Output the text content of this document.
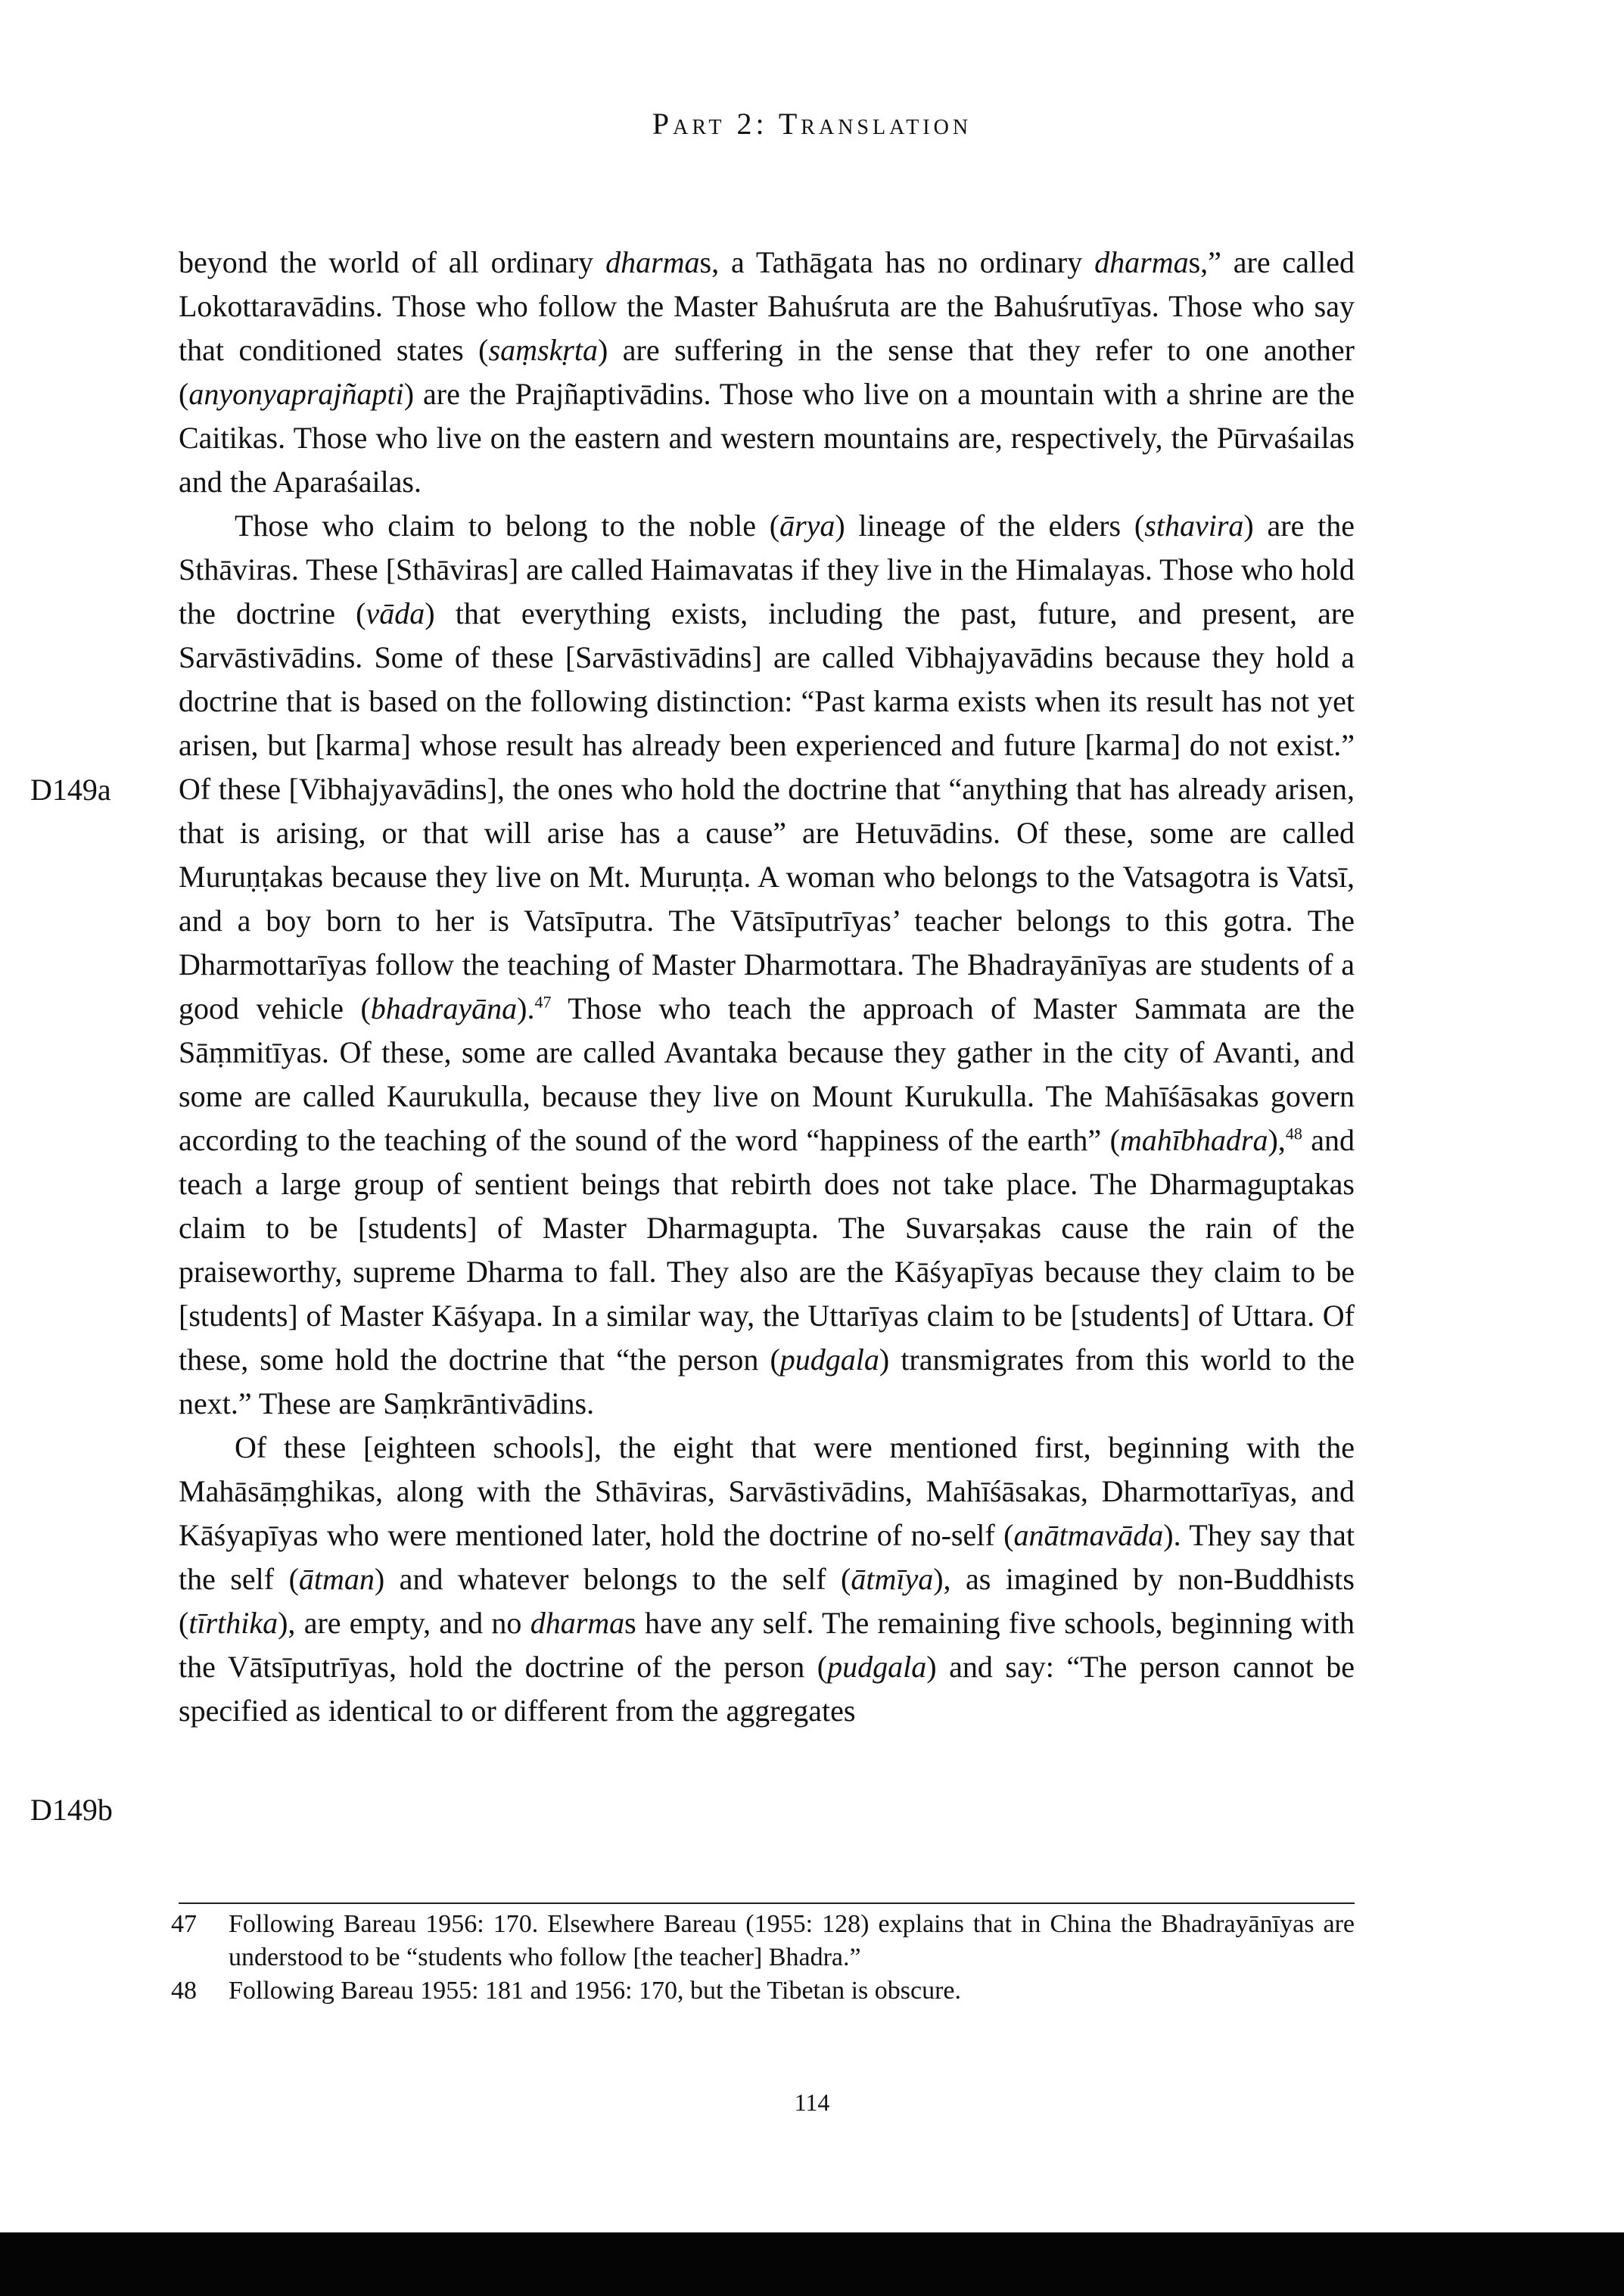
Part 2: Translation

beyond the world of all ordinary dharmas, a Tathāgata has no ordinary dharmas,” are called Lokottaravādins. Those who follow the Master Bahuśruta are the Bahuśrutīyas. Those who say that conditioned states (saṃskṛta) are suffering in the sense that they refer to one another (anyonyaprajñapti) are the Prajñaptivādins. Those who live on a mountain with a shrine are the Caitikas. Those who live on the eastern and western mountains are, respectively, the Pūrvaśailas and the Aparaśailas.

Those who claim to belong to the noble (ārya) lineage of the elders (sthavira) are the Sthāviras. These [Sthāviras] are called Haimavatas if they live in the Himalayas. Those who hold the doctrine (vāda) that everything exists, including the past, future, and present, are Sarvāstivādins. Some of these [Sarvāstivādins] are called Vibhajyavādins because they hold a doctrine that is based on the following distinction: “Past karma exists when its result has not yet arisen, but [karma] whose result has already been experienced and future [karma] do not exist.” Of these [Vibhajyavādins], the ones who hold the doctrine that “anything that has already arisen, that is arising, or that will arise has a cause” are Hetuvādins. Of these, some are called Muruṇṭakas because they live on Mt. Muruṇṭa. A woman who belongs to the Vatsagotra is Vatsī, and a boy born to her is Vatsīputra. The Vātsīputrīyas’ teacher belongs to this gotra. The Dharmottarīyas follow the teaching of Master Dharmottara. The Bhadrayānīyas are students of a good vehicle (bhadrayāna).$^{47}$ Those who teach the approach of Master Sammata are the Sāṃmitīyas. Of these, some are called Avantaka because they gather in the city of Avanti, and some are called Kaurukulla, because they live on Mount Kurukulla. The Mahīśāsakas govern according to the teaching of the sound of the word “happiness of the earth” (mahībhadra),$^{48}$ and teach a large group of sentient beings that rebirth does not take place. The Dharmaguptakas claim to be [students] of Master Dharmagupta. The Suvarṣakas cause the rain of the praiseworthy, supreme Dharma to fall. They also are the Kāśyapīyas because they claim to be [students] of Master Kāśyapa. In a similar way, the Uttarīyas claim to be [students] of Uttara. Of these, some hold the doctrine that “the person (pudgala) transmigrates from this world to the next.” These are Saṃkrāntivādins.

Of these [eighteen schools], the eight that were mentioned first, beginning with the Mahāsāṃghikas, along with the Sthāviras, Sarvāstivādins, Mahīśāsakas, Dharmottarīyas, and Kāśyapīyas who were mentioned later, hold the doctrine of no-self (anātmavāda). They say that the self (ātman) and whatever belongs to the self (ātmīya), as imagined by non-Buddhists (tīrthika), are empty, and no dharmas have any self. The remaining five schools, beginning with the Vātsīputrīyas, hold the doctrine of the person (pudgala) and say: “The person cannot be specified as identical to or different from the aggregates

D149a
D149b
47	Following Bareau 1956: 170. Elsewhere Bareau (1955: 128) explains that in China the Bhadrayānīyas are understood to be “students who follow [the teacher] Bhadra.”
48	Following Bareau 1955: 181 and 1956: 170, but the Tibetan is obscure.
114
